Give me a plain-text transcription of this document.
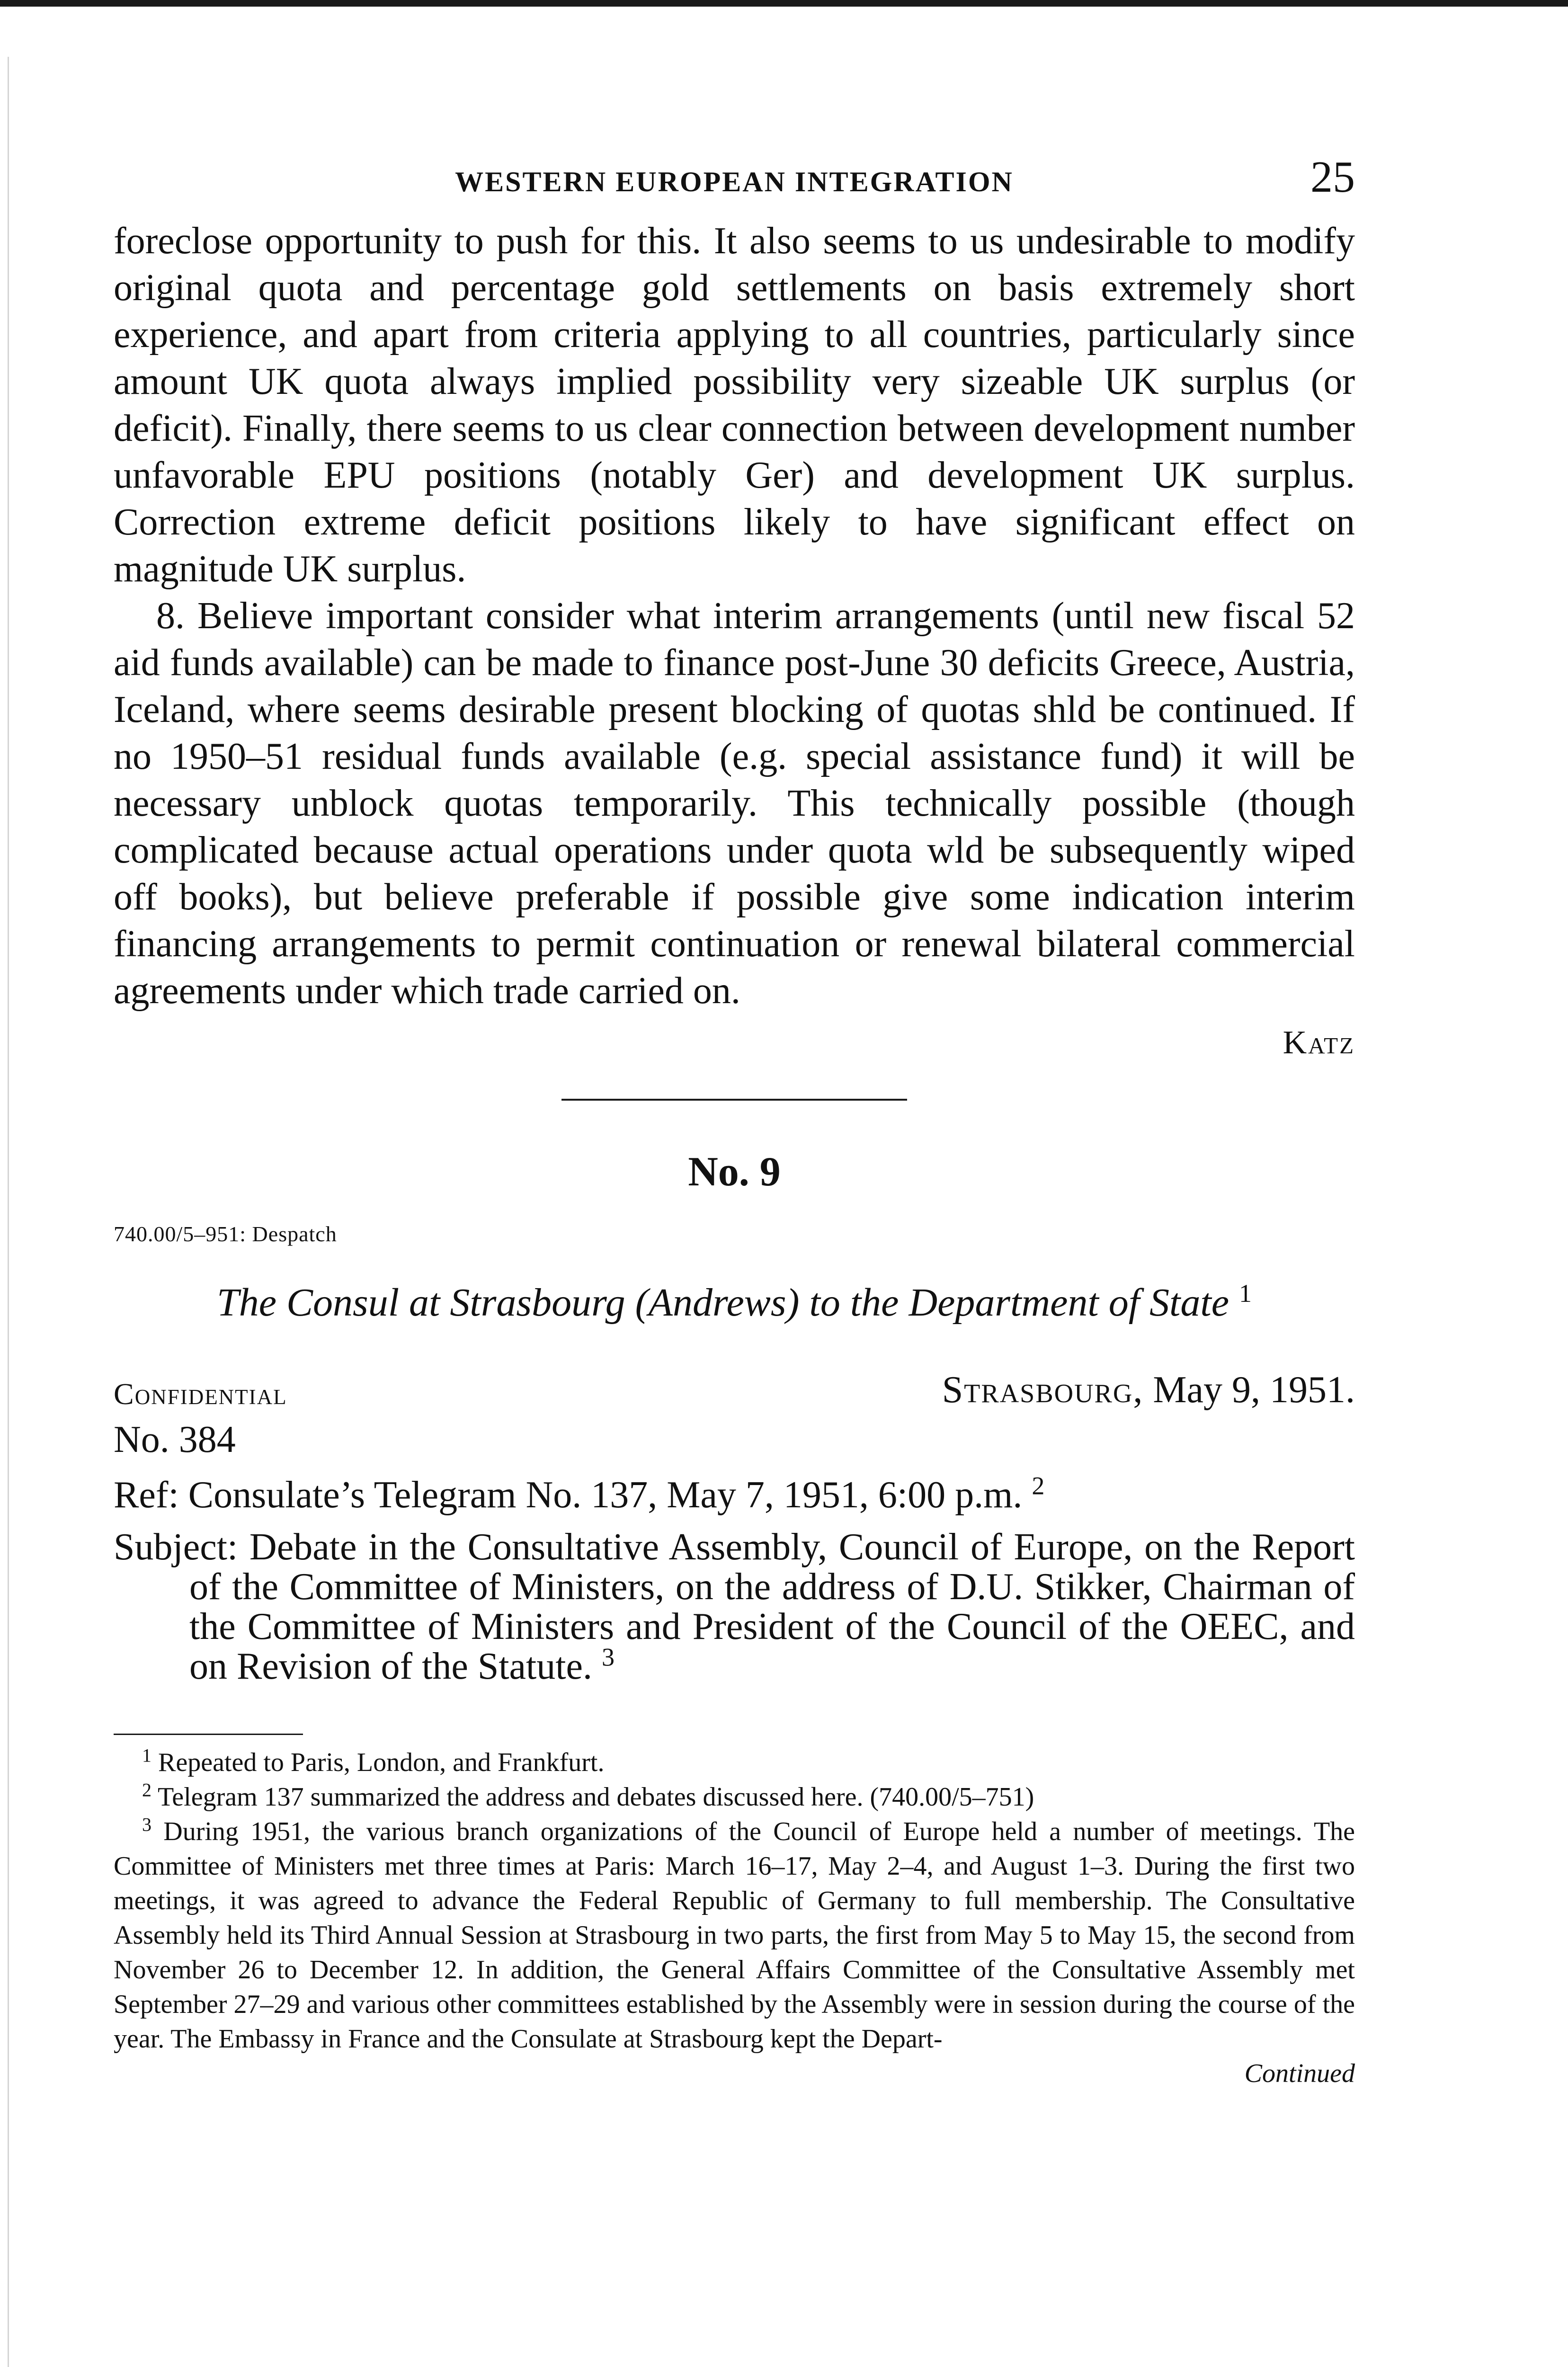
WESTERN EUROPEAN INTEGRATION	25

foreclose opportunity to push for this. It also seems to us undesirable to modify original quota and percentage gold settlements on basis extremely short experience, and apart from criteria applying to all countries, particularly since amount UK quota always implied possibility very sizeable UK surplus (or deficit). Finally, there seems to us clear connection between development number unfavorable EPU positions (notably Ger) and development UK surplus. Correction extreme deficit positions likely to have significant effect on magnitude UK surplus.

8. Believe important consider what interim arrangements (until new fiscal 52 aid funds available) can be made to finance post-June 30 deficits Greece, Austria, Iceland, where seems desirable present blocking of quotas shld be continued. If no 1950–51 residual funds available (e.g. special assistance fund) it will be necessary unblock quotas temporarily. This technically possible (though complicated because actual operations under quota wld be subsequently wiped off books), but believe preferable if possible give some indication interim financing arrangements to permit continuation or renewal bilateral commercial agreements under which trade carried on.

Katz
No. 9
740.00/5–951: Despatch
The Consul at Strasbourg (Andrews) to the Department of State $^1$
Confidential	Strasbourg, May 9, 1951.
No. 384
Ref: Consulate’s Telegram No. 137, May 7, 1951, 6:00 p.m. $^2$
Subject: Debate in the Consultative Assembly, Council of Europe, on the Report of the Committee of Ministers, on the address of D.U. Stikker, Chairman of the Committee of Ministers and President of the Council of the OEEC, and on Revision of the Statute. $^3$

$^1$ Repeated to Paris, London, and Frankfurt.

$^2$ Telegram 137 summarized the address and debates discussed here. (740.00/5–751)

$^3$ During 1951, the various branch organizations of the Council of Europe held a number of meetings. The Committee of Ministers met three times at Paris: March 16–17, May 2–4, and August 1–3. During the first two meetings, it was agreed to advance the Federal Republic of Germany to full membership. The Consultative Assembly held its Third Annual Session at Strasbourg in two parts, the first from May 5 to May 15, the second from November 26 to December 12. In addition, the General Affairs Committee of the Consultative Assembly met September 27–29 and various other committees established by the Assembly were in session during the course of the year. The Embassy in France and the Consulate at Strasbourg kept the Depart-

Continued
